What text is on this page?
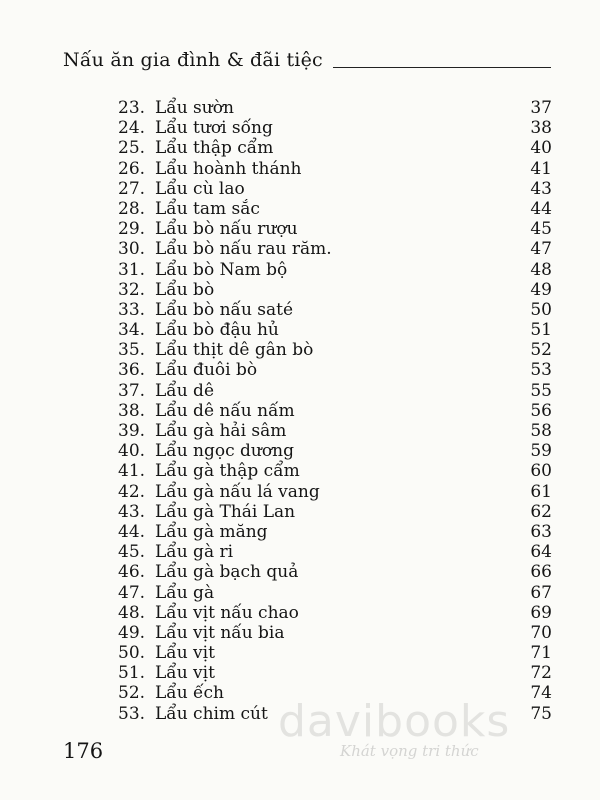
Nấu ăn gia đình & đãi tiệc
23. Lẩu sườn	37
24. Lẩu tươi sống	38
25. Lẩu thập cẩm	40
26. Lẩu hoành thánh	41
27. Lẩu cù lao	43
28. Lẩu tam sắc	44
29. Lẩu bò nấu rượu	45
30. Lẩu bò nấu rau răm.	47
31. Lẩu bò Nam bộ	48
32. Lẩu bò	49
33. Lẩu bò nấu saté	50
34. Lẩu bò đậu hủ	51
35. Lẩu thịt dê gân bò	52
36. Lẩu đuôi bò	53
37. Lẩu dê	55
38. Lẩu dê nấu nấm	56
39. Lẩu gà hải sâm	58
40. Lẩu ngọc dương	59
41. Lẩu gà thập cẩm	60
42. Lẩu gà nấu lá vang	61
43. Lẩu gà Thái Lan	62
44. Lẩu gà măng	63
45. Lẩu gà ri	64
46. Lẩu gà bạch quả	66
47. Lẩu gà	67
48. Lẩu vịt nấu chao	69
49. Lẩu vịt nấu bia	70
50. Lẩu vịt	71
51. Lẩu vịt	72
52. Lẩu ếch	74
53. Lẩu chim cút	75
176
davibooks
Khát vọng tri thức
